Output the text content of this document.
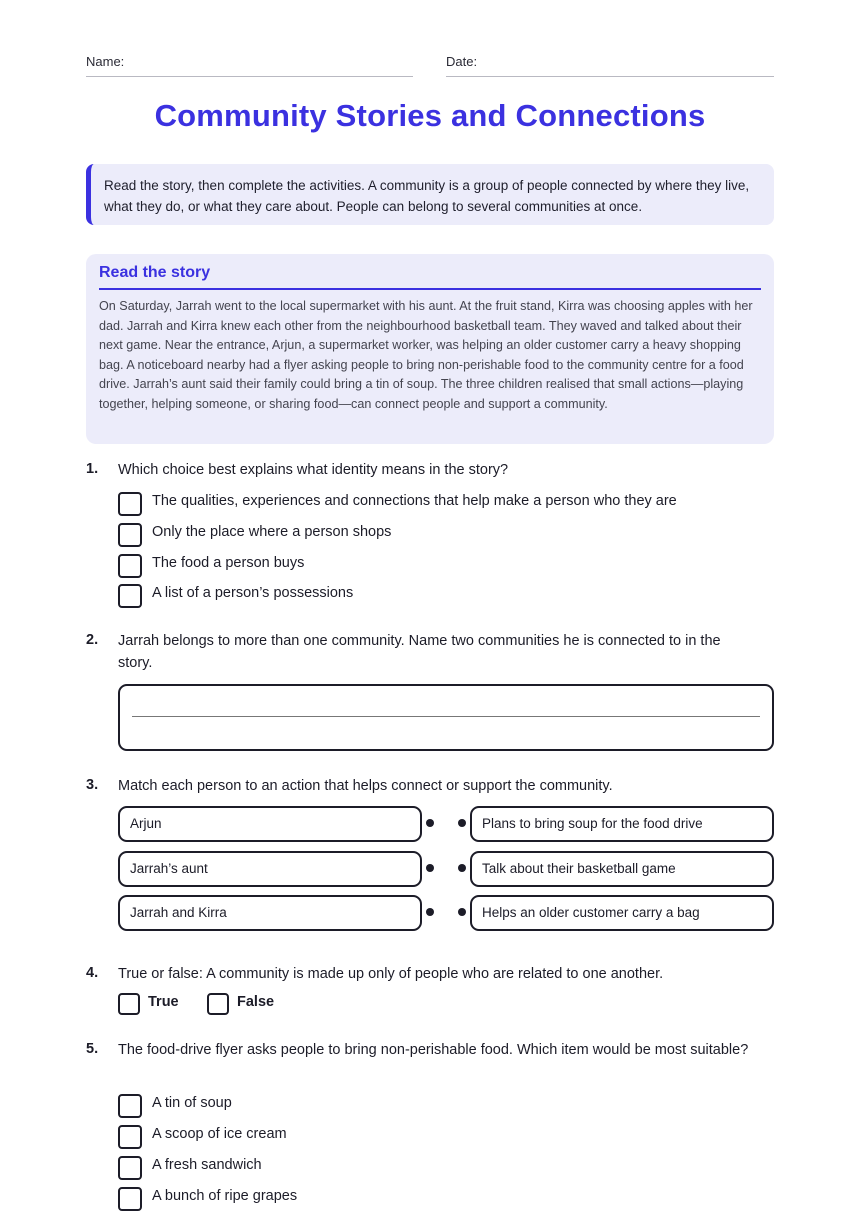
Name:	Date:
Community Stories and Connections
Read the story, then complete the activities. A community is a group of people connected by where they live, what they do, or what they care about. People can belong to several communities at once.
Read the story
On Saturday, Jarrah went to the local supermarket with his aunt. At the fruit stand, Kirra was choosing apples with her dad. Jarrah and Kirra knew each other from the neighbourhood basketball team. They waved and talked about their next game. Near the entrance, Arjun, a supermarket worker, was helping an older customer carry a heavy shopping bag. A noticeboard nearby had a flyer asking people to bring non-perishable food to the community centre for a food drive. Jarrah’s aunt said their family could bring a tin of soup. The three children realised that small actions—playing together, helping someone, or sharing food—can connect people and support a community.
1. Which choice best explains what identity means in the story?
The qualities, experiences and connections that help make a person who they are
Only the place where a person shops
The food a person buys
A list of a person’s possessions
2. Jarrah belongs to more than one community. Name two communities he is connected to in the story.
3. Match each person to an action that helps connect or support the community.
Arjun	Plans to bring soup for the food drive
Jarrah’s aunt	Talk about their basketball game
Jarrah and Kirra	Helps an older customer carry a bag
4. True or false: A community is made up only of people who are related to one another.
True	False
5. The food-drive flyer asks people to bring non-perishable food. Which item would be most suitable?
A tin of soup
A scoop of ice cream
A fresh sandwich
A bunch of ripe grapes
